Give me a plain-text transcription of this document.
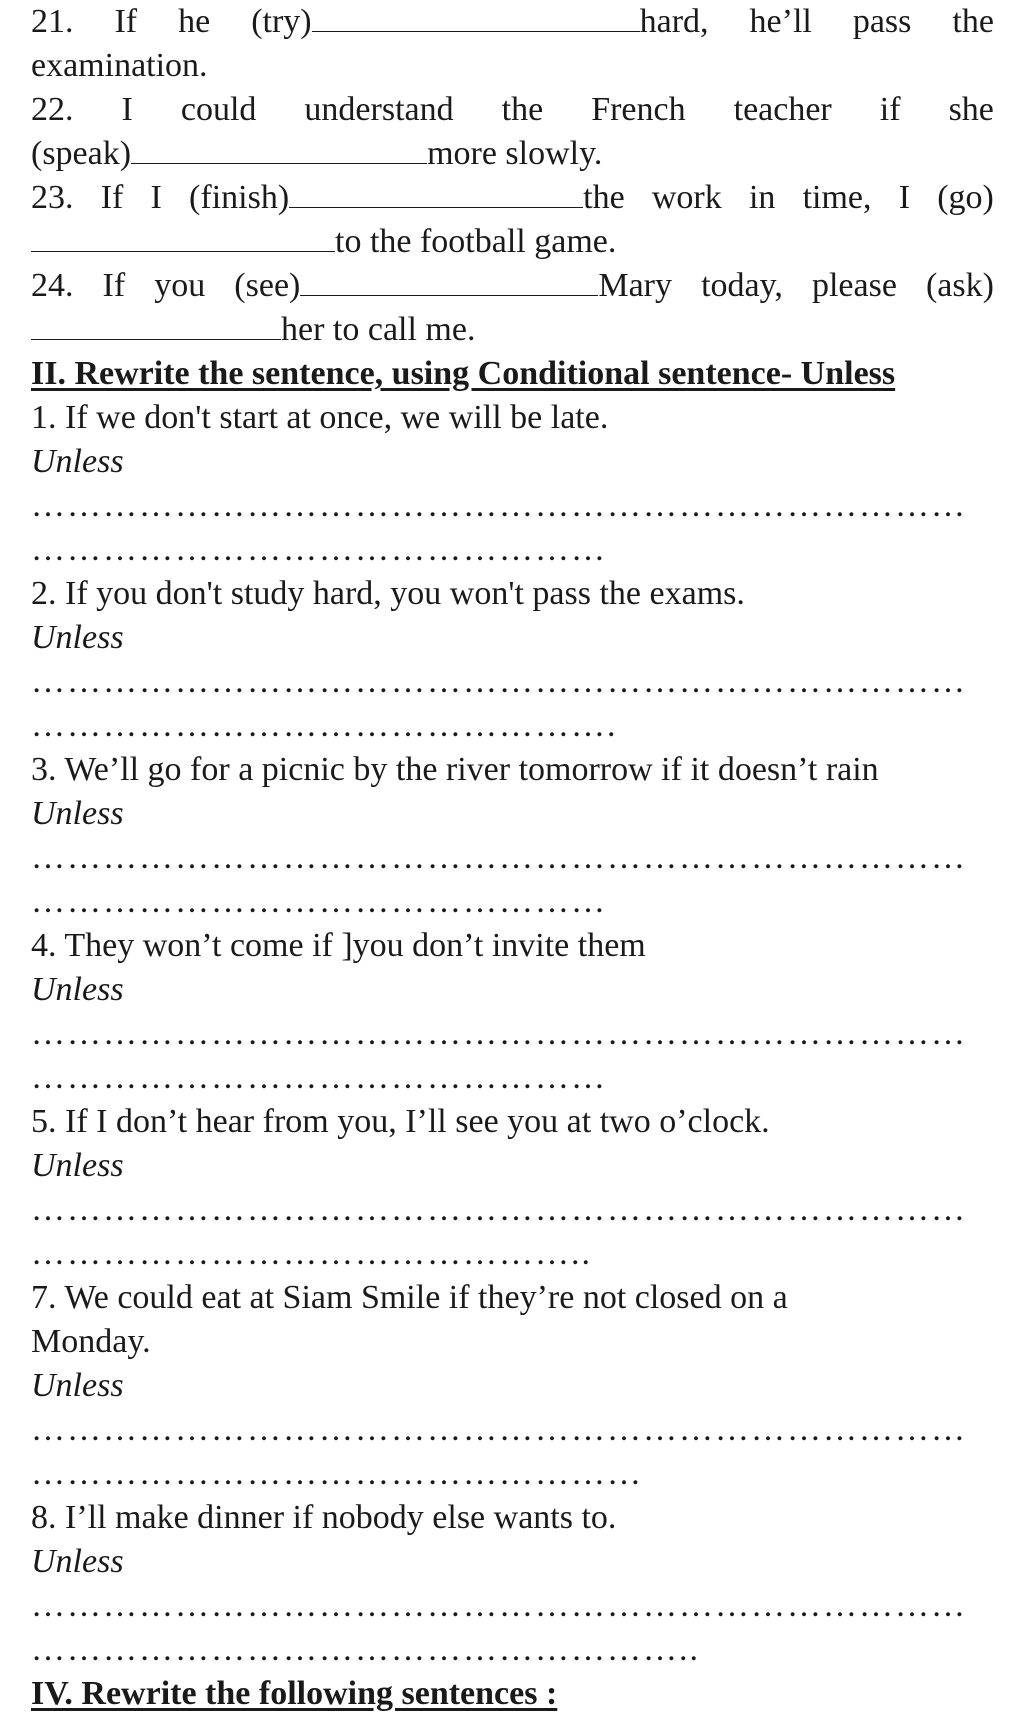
21. If he (try)	hard, he’ll pass the
examination.
22. I could understand the French teacher if she
(speak)	more slowly.
23. If I (finish)	the work in time, I (go)
to the football game.
24. If you (see)	Mary today, please (ask)
her to call me.
II. Rewrite the sentence, using Conditional sentence- Unless
1. If we don't start at once, we will be late.
Unless
……………………………………………………………………
…………………………………………
2. If you don't study hard, you won't pass the exams.
Unless
……………………………………………………………………
………………………………………….
3. We’ll go for a picnic by the river tomorrow if it doesn’t rain
Unless
……………………………………………………………………
…………………………………………
4. They won’t come if ]you don’t invite them
Unless
……………………………………………………………………
…………………………………………
5. If I don’t hear from you, I’ll see you at two o’clock.
Unless
……………………………………………………………………
………………………………………..
7. We could eat at Siam Smile if they’re not closed on a
Monday.
Unless
……………………………………………………………………
……………………………………………
8. I’ll make dinner if nobody else wants to.
Unless
……………………………………………………………………
………………………………………………..
IV. Rewrite the following sentences :
